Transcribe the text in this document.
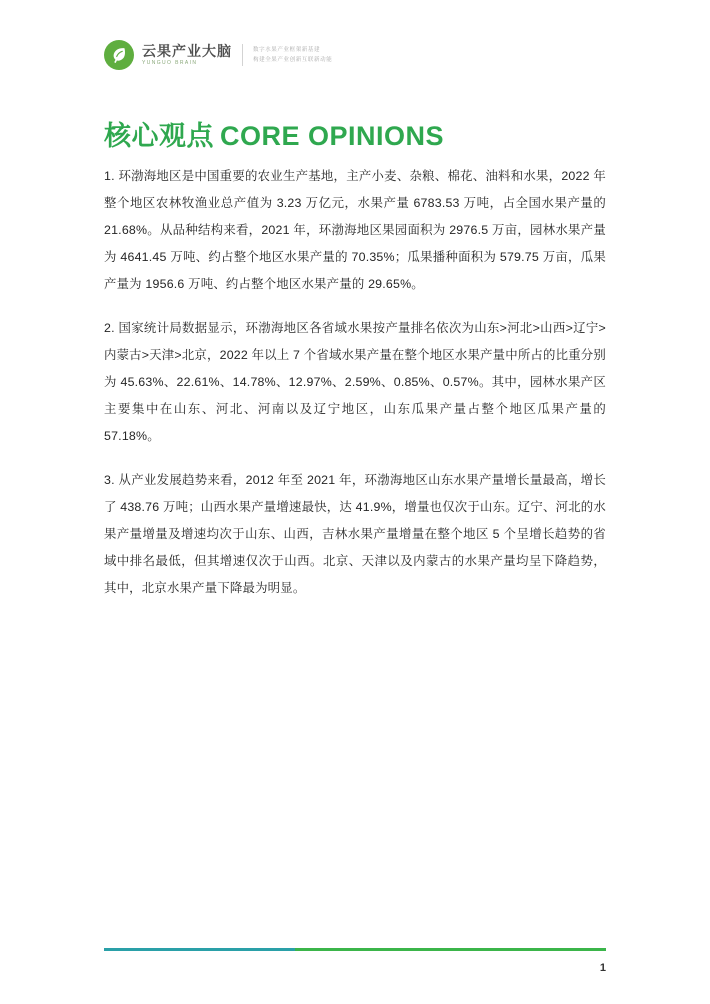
云果产业大脑
YUNGUO BRAIN
数字水果产业框架新基建
构建全果产业创新互联新动能
核心观点 CORE OPINIONS

1. 环渤海地区是中国重要的农业生产基地，主产小麦、杂粮、棉花、油料和水果，2022 年整个地区农林牧渔业总产值为 3.23 万亿元，水果产量 6783.53 万吨，占全国水果产量的 21.68%。从品种结构来看，2021 年，环渤海地区果园面积为 2976.5 万亩，园林水果产量为 4641.45 万吨、约占整个地区水果产量的 70.35%；瓜果播种面积为 579.75 万亩，瓜果产量为 1956.6 万吨、约占整个地区水果产量的 29.65%。

2. 国家统计局数据显示，环渤海地区各省域水果按产量排名依次为山东>河北>山西>辽宁>内蒙古>天津>北京，2022 年以上 7 个省域水果产量在整个地区水果产量中所占的比重分别为 45.63%、22.61%、14.78%、12.97%、2.59%、0.85%、0.57%。其中，园林水果产区主要集中在山东、河北、河南以及辽宁地区，山东瓜果产量占整个地区瓜果产量的 57.18%。

3. 从产业发展趋势来看，2012 年至 2021 年，环渤海地区山东水果产量增长量最高，增长了 438.76 万吨；山西水果产量增速最快，达 41.9%，增量也仅次于山东。辽宁、河北的水果产量增量及增速均次于山东、山西，吉林水果产量增量在整个地区 5 个呈增长趋势的省域中排名最低，但其增速仅次于山西。北京、天津以及内蒙古的水果产量均呈下降趋势，其中，北京水果产量下降最为明显。

1
